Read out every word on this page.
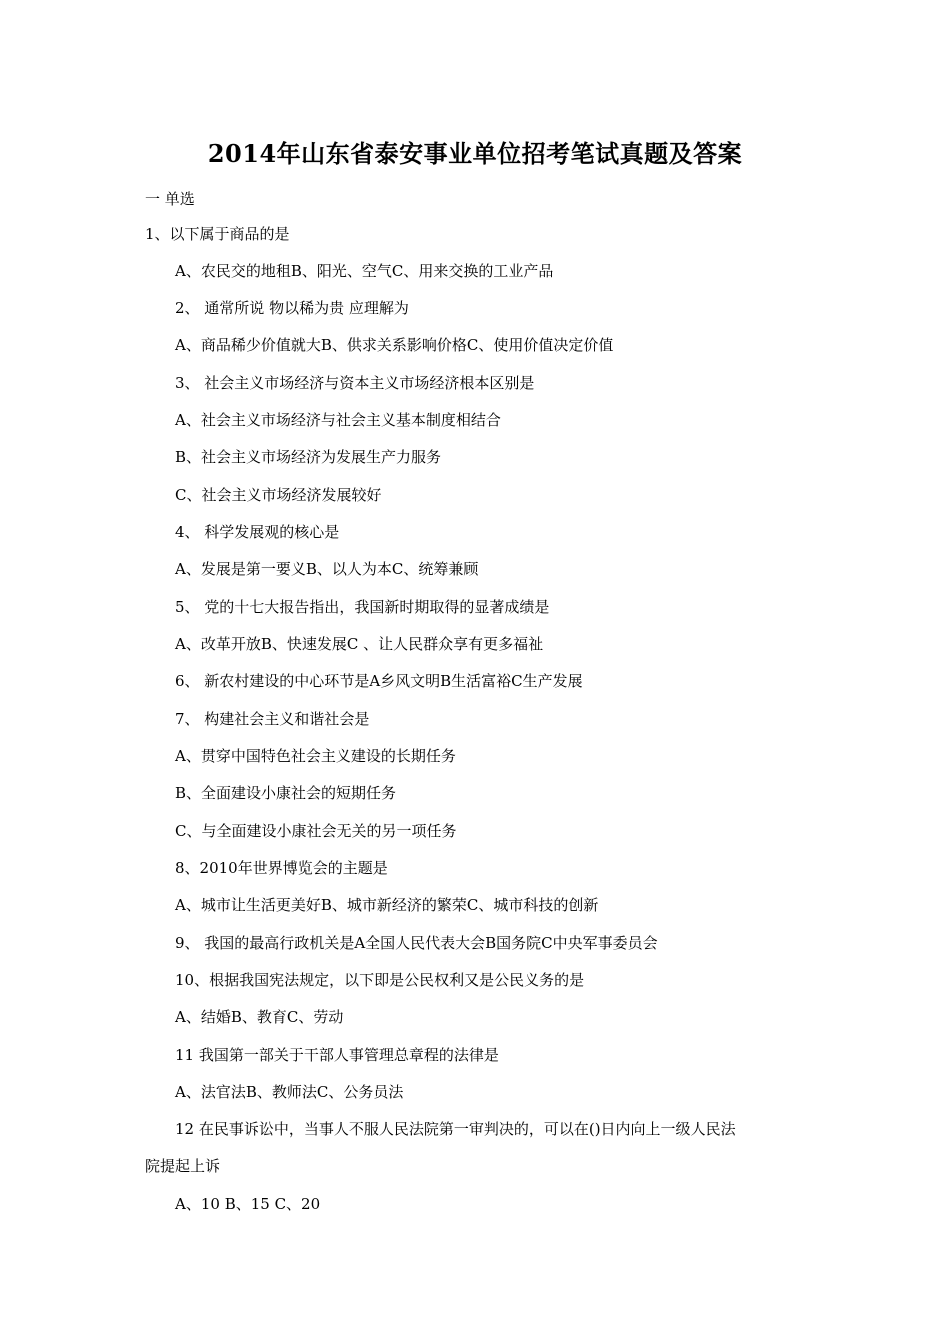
2014年山东省泰安事业单位招考笔试真题及答案
一 单选
1、以下属于商品的是
A、农民交的地租B、阳光、空气C、用来交换的工业产品
2、 通常所说 物以稀为贵 应理解为
A、商品稀少价值就大B、供求关系影响价格C、使用价值决定价值
3、 社会主义市场经济与资本主义市场经济根本区别是
A、社会主义市场经济与社会主义基本制度相结合
B、社会主义市场经济为发展生产力服务
C、社会主义市场经济发展较好
4、 科学发展观的核心是
A、发展是第一要义B、以人为本C、统筹兼顾
5、 党的十七大报告指出，我国新时期取得的显著成绩是
A、改革开放B、快速发展C 、让人民群众享有更多福祉
6、 新农村建设的中心环节是A乡风文明B生活富裕C生产发展
7、 构建社会主义和谐社会是
A、贯穿中国特色社会主义建设的长期任务
B、全面建设小康社会的短期任务
C、与全面建设小康社会无关的另一项任务
8、2010年世界博览会的主题是
A、城市让生活更美好B、城市新经济的繁荣C、城市科技的创新
9、 我国的最高行政机关是A全国人民代表大会B国务院C中央军事委员会
10、根据我国宪法规定，以下即是公民权利又是公民义务的是
A、结婚B、教育C、劳动
11 我国第一部关于干部人事管理总章程的法律是
A、法官法B、教师法C、公务员法
12 在民事诉讼中，当事人不服人民法院第一审判决的，可以在()日内向上一级人民法
院提起上诉
A、10 B、15 C、20
